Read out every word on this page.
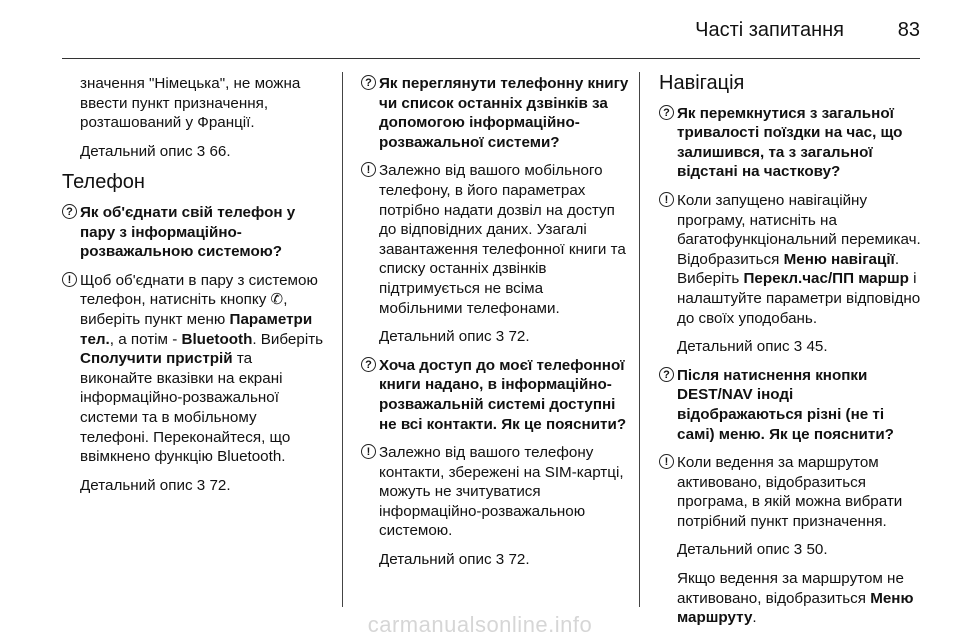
Часті запитання	83

значення "Німецька", не можна ввести пункт призначення, розташований у Франції.

Детальний опис 3 66.

Телефон
? Як об'єднати свій телефон у пару з інформаційно-розважальною системою?
! Щоб об'єднати в пару з системою телефон, натисніть кнопку ✆, виберіть пункт меню Параметри тел., а потім - Bluetooth. Виберіть Сполучити пристрій та виконайте вказівки на екрані інформаційно-розважальної системи та в мобільному телефоні. Переконайтеся, що ввімкнено функцію Bluetooth.

Детальний опис 3 72.

? Як переглянути телефонну книгу чи список останніх дзвінків за допомогою інформаційно-розважальної системи?
! Залежно від вашого мобільного телефону, в його параметрах потрібно надати дозвіл на доступ до відповідних даних. Узагалі завантаження телефонної книги та списку останніх дзвінків підтримується не всіма мобільними телефонами.

Детальний опис 3 72.

? Хоча доступ до моєї телефонної книги надано, в інформаційно-розважальній системі доступні не всі контакти. Як це пояснити?
! Залежно від вашого телефону контакти, збережені на SIM-картці, можуть не зчитуватися інформаційно-розважальною системою.

Детальний опис 3 72.

Навігація
? Як перемкнутися з загальної тривалості поїздки на час, що залишився, та з загальної відстані на часткову?
! Коли запущено навігаційну програму, натисніть на багатофункціональний перемикач. Відобразиться Меню навігації. Виберіть Перекл.час/ПП маршр і налаштуйте параметри відповідно до своїх уподобань.

Детальний опис 3 45.

? Після натиснення кнопки DEST/NAV іноді відображаються різні (не ті самі) меню. Як це пояснити?
! Коли ведення за маршрутом активовано, відобразиться програма, в якій можна вибрати потрібний пункт призначення.

Детальний опис 3 50.

Якщо ведення за маршрутом не активовано, відобразиться Меню маршруту.

carmanualsonline.info
